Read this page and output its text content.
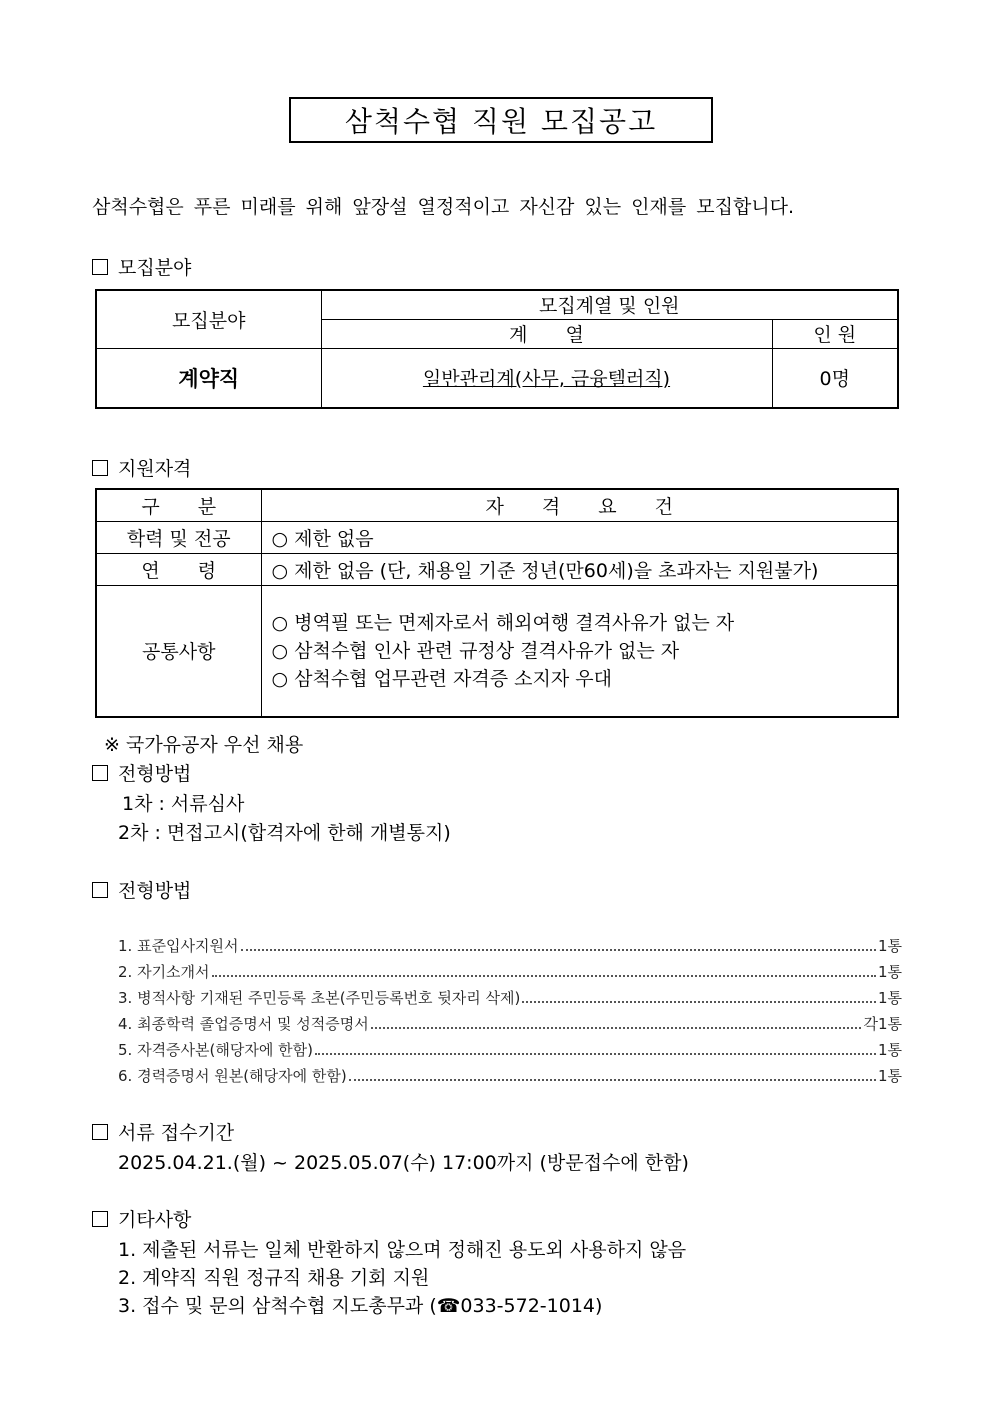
삼척수협 직원 모집공고
삼척수협은 푸른 미래를 위해 앞장설 열정적이고 자신감 있는 인재를 모집합니다.
모집분야
모집분야	모집계열 및 인원	
	계　　열	인 원
계약직	일반관리계(사무, 금융텔러직)	0명
지원자격
구　　분	자　　격　　요　　건
학력 및 전공	○ 제한 없음
연　　령	○ 제한 없음 (단, 채용일 기준 정년(만60세)을 초과자는 지원불가)
공통사항	○ 병역필 또는 면제자로서 해외여행 결격사유가 없는 자
○ 삼척수협 인사 관련 규정상 결격사유가 없는 자
○ 삼척수협 업무관련 자격증 소지자 우대
※ 국가유공자 우선 채용
전형방법
1차 : 서류심사
2차 : 면접고시(합격자에 한해 개별통지)
전형방법
1. 표준입사지원서	1통
2. 자기소개서	1통
3. 병적사항 기재된 주민등록 초본(주민등록번호 뒷자리 삭제)	1통
4. 최종학력 졸업증명서 및 성적증명서	각1통
5. 자격증사본(해당자에 한함)	1통
6. 경력증명서 원본(해당자에 한함)	1통
서류 접수기간
2025.04.21.(월) ~ 2025.05.07(수) 17:00까지 (방문접수에 한함)
기타사항
1. 제출된 서류는 일체 반환하지 않으며 정해진 용도외 사용하지 않음
2. 계약직 직원 정규직 채용 기회 지원
3. 접수 및 문의 삼척수협 지도총무과 (☎033-572-1014)
